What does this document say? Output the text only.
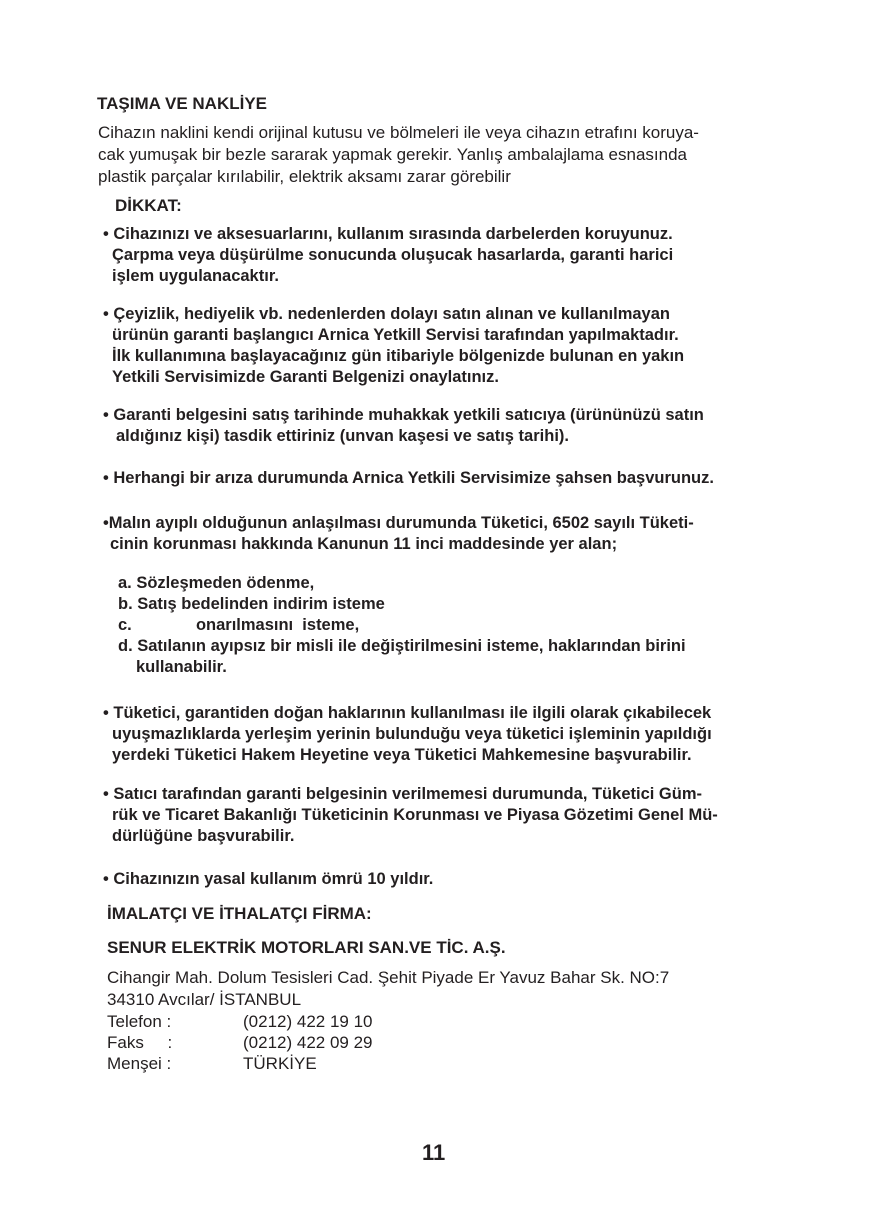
TAŞIMA VE NAKLİYE
Cihazın naklini kendi orijinal kutusu ve bölmeleri ile veya cihazın etrafını koruya-
cak yumuşak bir bezle sararak yapmak gerekir. Yanlış ambalajlama esnasında
plastik parçalar kırılabilir, elektrik aksamı zarar görebilir
DİKKAT:
• Cihazınızı ve aksesuarlarını, kullanım sırasında darbelerden koruyunuz.
Çarpma veya düşürülme sonucunda oluşucak hasarlarda, garanti harici
işlem uygulanacaktır.
• Çeyizlik, hediyelik vb. nedenlerden dolayı satın alınan ve kullanılmayan
ürünün garanti başlangıcı Arnica Yetkill Servisi tarafından yapılmaktadır.
İlk kullanımına başlayacağınız gün itibariyle bölgenizde bulunan en yakın
Yetkili Servisimizde Garanti Belgenizi onaylatınız.
• Garanti belgesini satış tarihinde muhakkak yetkili satıcıya (ürününüzü satın
aldığınız kişi) tasdik ettiriniz (unvan kaşesi ve satış tarihi).
• Herhangi bir arıza durumunda Arnica Yetkili Servisimize şahsen başvurunuz.
•Malın ayıplı olduğunun anlaşılması durumunda Tüketici, 6502 sayılı Tüketi-
cinin korunması hakkında Kanunun 11 inci maddesinde yer alan;
a. Sözleşmeden ödenme,
b. Satış bedelinden indirim isteme
c.              onarılmasını  isteme,
d. Satılanın ayıpsız bir misli ile değiştirilmesini isteme, haklarından birini
kullanabilir.
• Tüketici, garantiden doğan haklarının kullanılması ile ilgili olarak çıkabilecek
uyuşmazlıklarda yerleşim yerinin bulunduğu veya tüketici işleminin yapıldığı
yerdeki Tüketici Hakem Heyetine veya Tüketici Mahkemesine başvurabilir.
• Satıcı tarafından garanti belgesinin verilmemesi durumunda, Tüketici Güm-
rük ve Ticaret Bakanlığı Tüketicinin Korunması ve Piyasa Gözetimi Genel Mü-
dürlüğüne başvurabilir.
• Cihazınızın yasal kullanım ömrü 10 yıldır.
İMALATÇI VE İTHALATÇI FİRMA:
SENUR ELEKTRİK MOTORLARI SAN.VE TİC. A.Ş.
Cihangir Mah. Dolum Tesisleri Cad. Şehit Piyade Er Yavuz Bahar Sk. NO:7
34310 Avcılar/ İSTANBUL
Telefon :	(0212) 422 19 10
Faks     :	(0212) 422 09 29
Menşei :	TÜRKİYE
11
